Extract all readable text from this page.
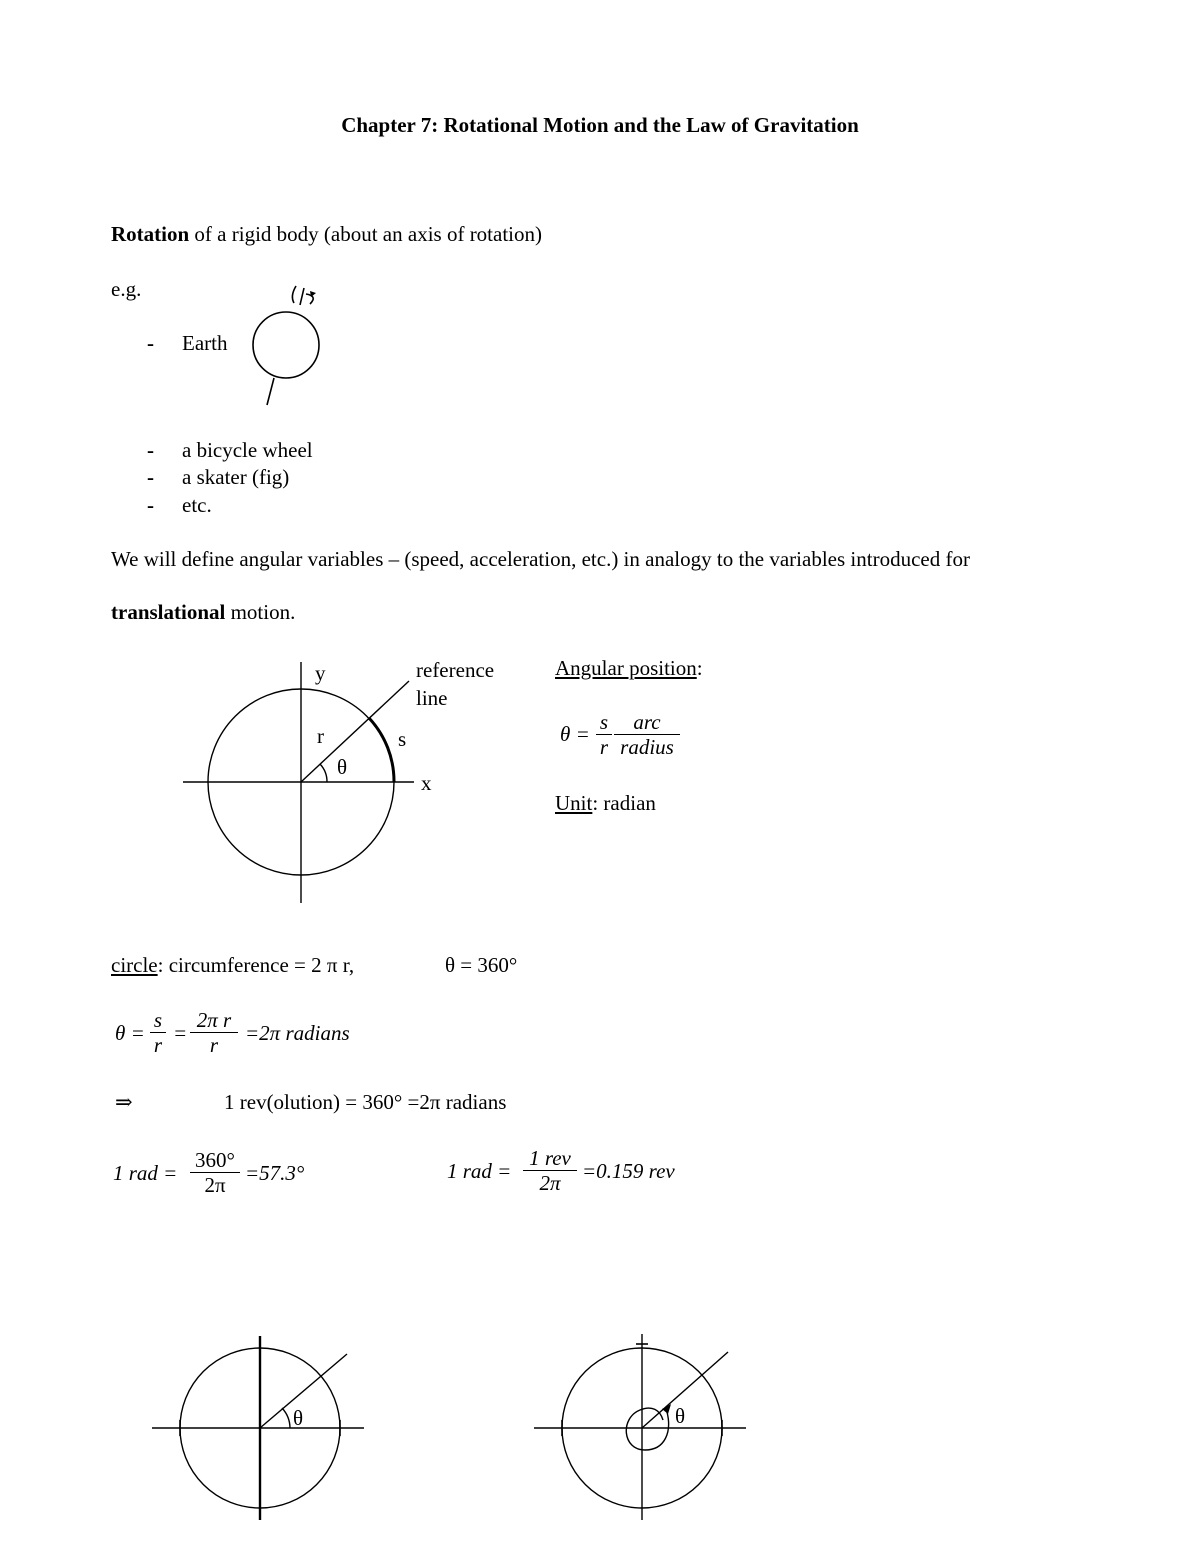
Chapter 7: Rotational Motion and the Law of Gravitation
Rotation of a rigid body (about an axis of rotation)
e.g.
- Earth
- a bicycle wheel
- a skater (fig)
- etc.
We will define angular variables – (speed, acceleration, etc.) in analogy to the variables introduced for
translational motion.
y
x
r	s
θ
reference
line
Angular position:
$\theta = \frac{s}{r}$	arc
radius
Unit: radian
circle: circumference = 2 π r,	θ = 360°
$\theta = \frac{s}{r} = \frac{\text{2π r}}{r} =2\pi$ radians
⇒	1 rev(olution) = 360° =2π radians
1 rad = $\frac{360^\circ}{2\pi} =57.3^\circ$	1 rad =
1 rev
2π	=0.159 rev
θ	θ
